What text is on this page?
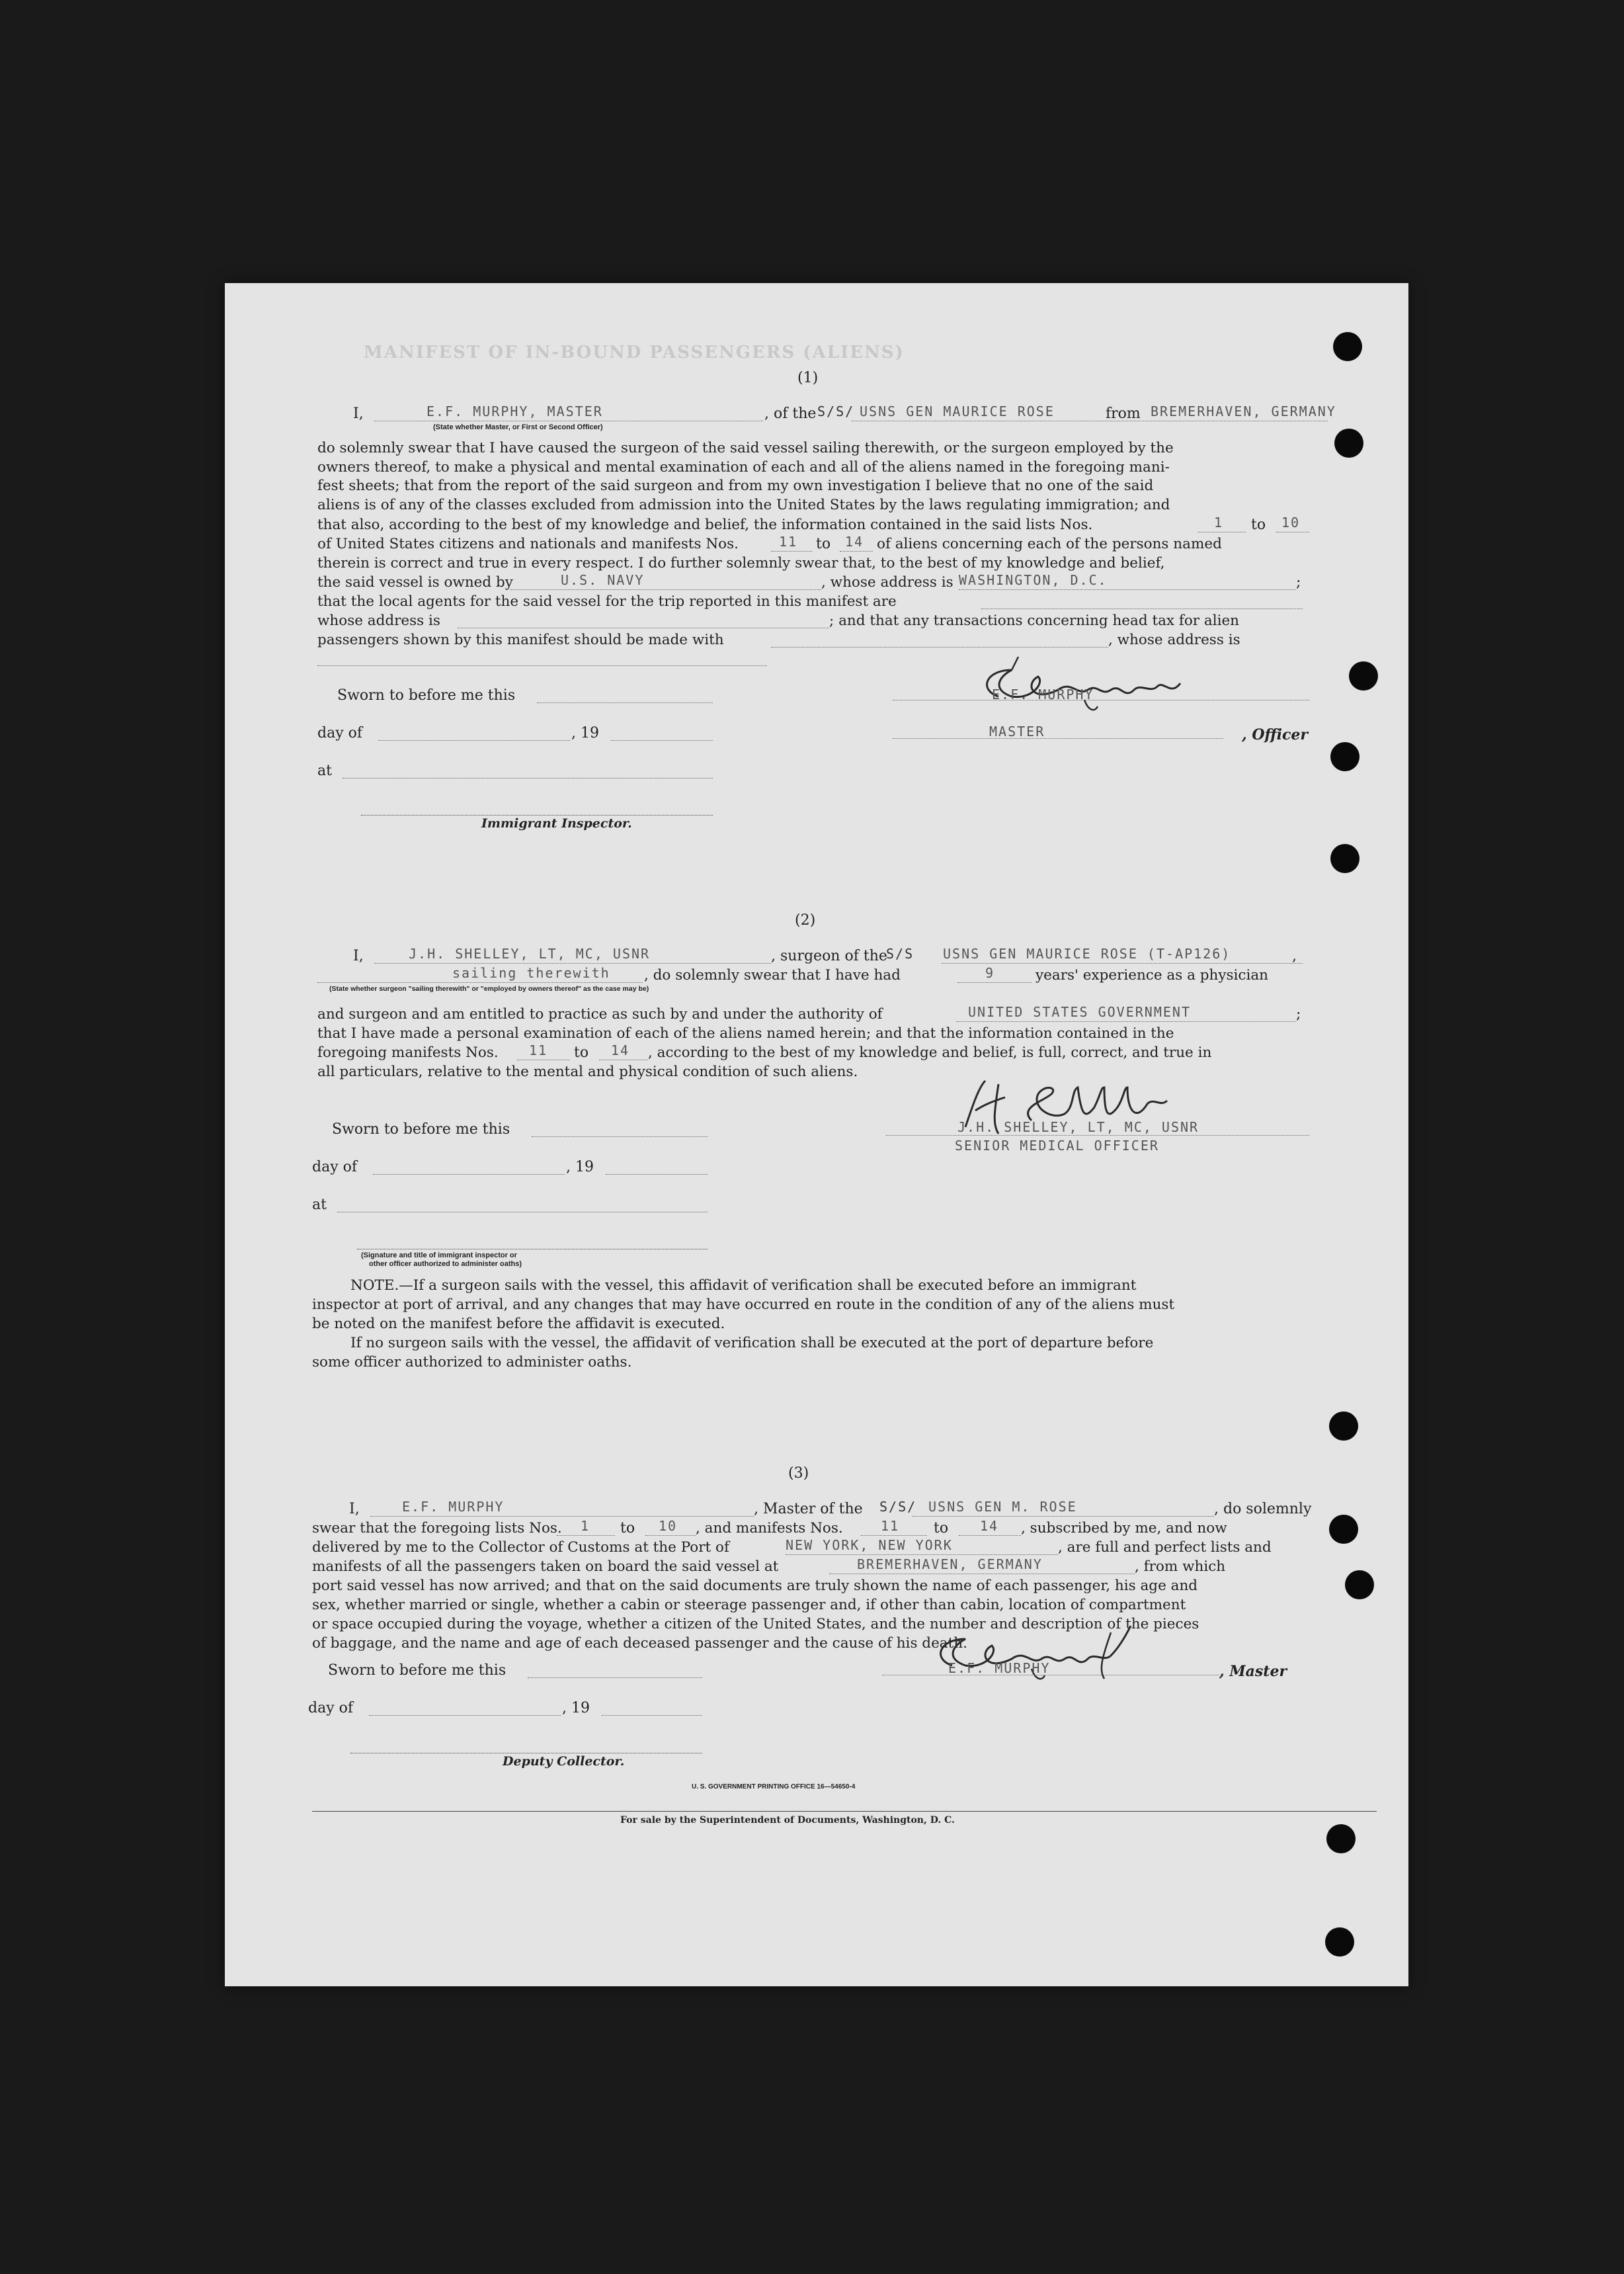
MANIFEST OF IN-BOUND PASSENGERS (ALIENS)
(1)
I,	E.F. MURPHY, MASTER
(State whether Master, or First or Second Officer)
, of the S/S/ USNS GEN MAURICE ROSE	from BREMERHAVEN, GERMANY
do solemnly swear that I have caused the surgeon of the said vessel sailing therewith, or the surgeon employed by the
owners thereof, to make a physical and mental examination of each and all of the aliens named in the foregoing mani-
fest sheets; that from the report of the said surgeon and from my own investigation I believe that no one of the said
aliens is of any of the classes excluded from admission into the United States by the laws regulating immigration; and
that also, according to the best of my knowledge and belief, the information contained in the said lists Nos.	1 to 10
of United States citizens and nationals and manifests Nos.	11 to 14 of aliens concerning each of the persons named
therein is correct and true in every respect. I do further solemnly swear that, to the best of my knowledge and belief,
the said vessel is owned by	U.S. NAVY	, whose address is WASHINGTON, D.C.	;
that the local agents for the said vessel for the trip reported in this manifest are
whose address is	; and that any transactions concerning head tax for alien
passengers shown by this manifest should be made with	, whose address is
Sworn to before me this
day of	, 19
at
Immigrant Inspector.
E.F. MURPHY
MASTER	, Officer
(2)
I,	J.H. SHELLEY, LT, MC, USNR	, surgeon of the
S/S USNS GEN MAURICE ROSE (T-AP126)	,
sailing therewith , do solemnly swear that I have had	9	years' experience as a physician
(State whether surgeon "sailing therewith" or "employed by owners thereof" as the case may be)
and surgeon and am entitled to practice as such by and under the authority of	UNITED STATES GOVERNMENT	;
that I have made a personal examination of each of the aliens named herein; and that the information contained in the
foregoing manifests Nos. 11 to 14 , according to the best of my knowledge and belief, is full, correct, and true in
all particulars, relative to the mental and physical condition of such aliens.
Sworn to before me this
day of	, 19
at
(Signature and title of immigrant inspector or
other officer authorized to administer oaths)
J.H. SHELLEY, LT, MC, USNR
SENIOR MEDICAL OFFICER
NOTE.—If a surgeon sails with the vessel, this affidavit of verification shall be executed before an immigrant
inspector at port of arrival, and any changes that may have occurred en route in the condition of any of the aliens must
be noted on the manifest before the affidavit is executed.
If no surgeon sails with the vessel, the affidavit of verification shall be executed at the port of departure before
some officer authorized to administer oaths.
(3)
I,	E.F. MURPHY	, Master of the S/S/ USNS GEN M. ROSE	, do solemnly
swear that the foregoing lists Nos. 1 to 10 , and manifests Nos.	11 to 14 , subscribed by me, and now
delivered by me to the Collector of Customs at the Port of	NEW YORK, NEW YORK	, are full and perfect lists and
manifests of all the passengers taken on board the said vessel at	BREMERHAVEN, GERMANY	, from which
port said vessel has now arrived; and that on the said documents are truly shown the name of each passenger, his age and
sex, whether married or single, whether a cabin or steerage passenger and, if other than cabin, location of compartment
or space occupied during the voyage, whether a citizen of the United States, and the number and description of the pieces
of baggage, and the name and age of each deceased passenger and the cause of his death.
Sworn to before me this
day of	, 19
Deputy Collector.
E.F. MURPHY	, Master
U. S. GOVERNMENT PRINTING OFFICE 16—54650-4
For sale by the Superintendent of Documents, Washington, D. C.
